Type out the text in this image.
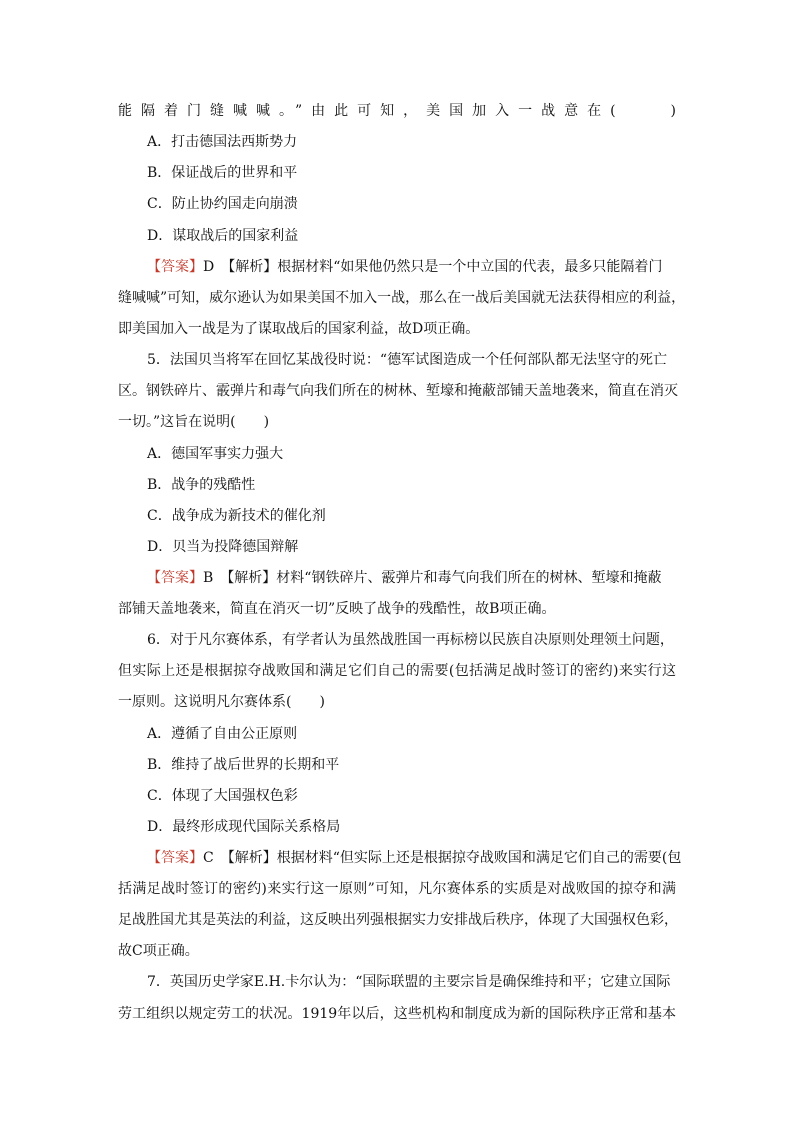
能隔着门缝喊喊。”由此可知，美国加入一战意在(　　)
A．打击德国法西斯势力
B．保证战后的世界和平
C．防止协约国走向崩溃
D．谋取战后的国家利益
【答案】D　【解析】根据材料“如果他仍然只是一个中立国的代表，最多只能隔着门
缝喊喊”可知，威尔逊认为如果美国不加入一战，那么在一战后美国就无法获得相应的利益，
即美国加入一战是为了谋取战后的国家利益，故D项正确。
5．法国贝当将军在回忆某战役时说：“德军试图造成一个任何部队都无法坚守的死亡
区。钢铁碎片、霰弹片和毒气向我们所在的树林、堑壕和掩蔽部铺天盖地袭来，简直在消灭
一切。”这旨在说明(　　)
A．德国军事实力强大
B．战争的残酷性
C．战争成为新技术的催化剂
D．贝当为投降德国辩解
【答案】B　【解析】材料“钢铁碎片、霰弹片和毒气向我们所在的树林、堑壕和掩蔽
部铺天盖地袭来，简直在消灭一切”反映了战争的残酷性，故B项正确。
6．对于凡尔赛体系，有学者认为虽然战胜国一再标榜以民族自决原则处理领土问题，
但实际上还是根据掠夺战败国和满足它们自己的需要(包括满足战时签订的密约)来实行这
一原则。这说明凡尔赛体系(　　)
A．遵循了自由公正原则
B．维持了战后世界的长期和平
C．体现了大国强权色彩
D．最终形成现代国际关系格局
【答案】C　【解析】根据材料“但实际上还是根据掠夺战败国和满足它们自己的需要(包
括满足战时签订的密约)来实行这一原则”可知，凡尔赛体系的实质是对战败国的掠夺和满
足战胜国尤其是英法的利益，这反映出列强根据实力安排战后秩序，体现了大国强权色彩，
故C项正确。
7．英国历史学家E.H.卡尔认为：“国际联盟的主要宗旨是确保维持和平；它建立国际
劳工组织以规定劳工的状况。1919年以后，这些机构和制度成为新的国际秩序正常和基本
